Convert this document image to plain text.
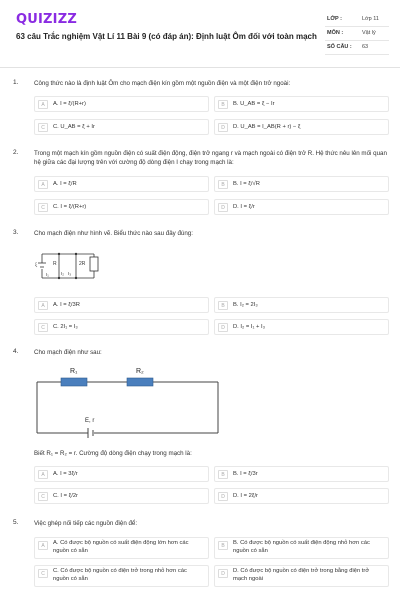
QUIZIZZ
63 câu Trắc nghiệm Vật Lí 11 Bài 9 (có đáp án): Định luật Ôm đối với toàn mạch
LỚP :	Lớp 11
MÔN :	Vật lý
SỐ CÂU : 63
1.	Công thức nào là định luật Ôm cho mạch điện kín gồm một nguồn điện và một điện trở ngoài:
A	A. I = ξ/(R+r)	B	B. U_AB = ξ − Ir
C	C. U_AB = ξ + Ir	D	D. U_AB = I_AB(R + r) − ξ
2.	Trong một mạch kín gồm nguồn điện có suất điện động, điện trở ngang r và mạch ngoài có điện trở R. Hệ thức nêu lên mối quan hệ giữa các đại lượng trên với cường độ dòng điện I chạy trong mạch là:
A	A. I = ξ/R	B	B. I = ξ/√R
C	C. I = ξ/(R+r)	D	D. I = ξ/r
3.	Cho mạch điện như hình vẽ. Biểu thức nào sau đây đúng:
ξ	R	2R
I₁	I₂ I₃
A	A. I = ξ/3R	B	B. I₂ = 2I₃
C	C. 2I₁ = I₃	D	D. I₂ = I₁ + I₃
4.	Cho mạch điện như sau:
R₁	R₂
E, r
Biết R₁ = R₂ = r. Cường độ dòng điện chạy trong mạch là:
A	A. I = 3ξ/r	B	B. I = ξ/3r
C	C. I = ξ/2r	D	D. I = 2ξ/r
5.	Việc ghép nối tiếp các nguồn điện để:
A	A. Có được bộ nguồn có suất điện động lớn hơn các nguồn có sẵn
B	B. Có được bộ nguồn có suất điện động nhỏ hơn các nguồn có sẵn
C	C. Có được bộ nguồn có điện trở trong nhỏ hơn các nguồn có sẵn
D	D. Có được bộ nguồn có điện trở trong bằng điện trở mạch ngoài
